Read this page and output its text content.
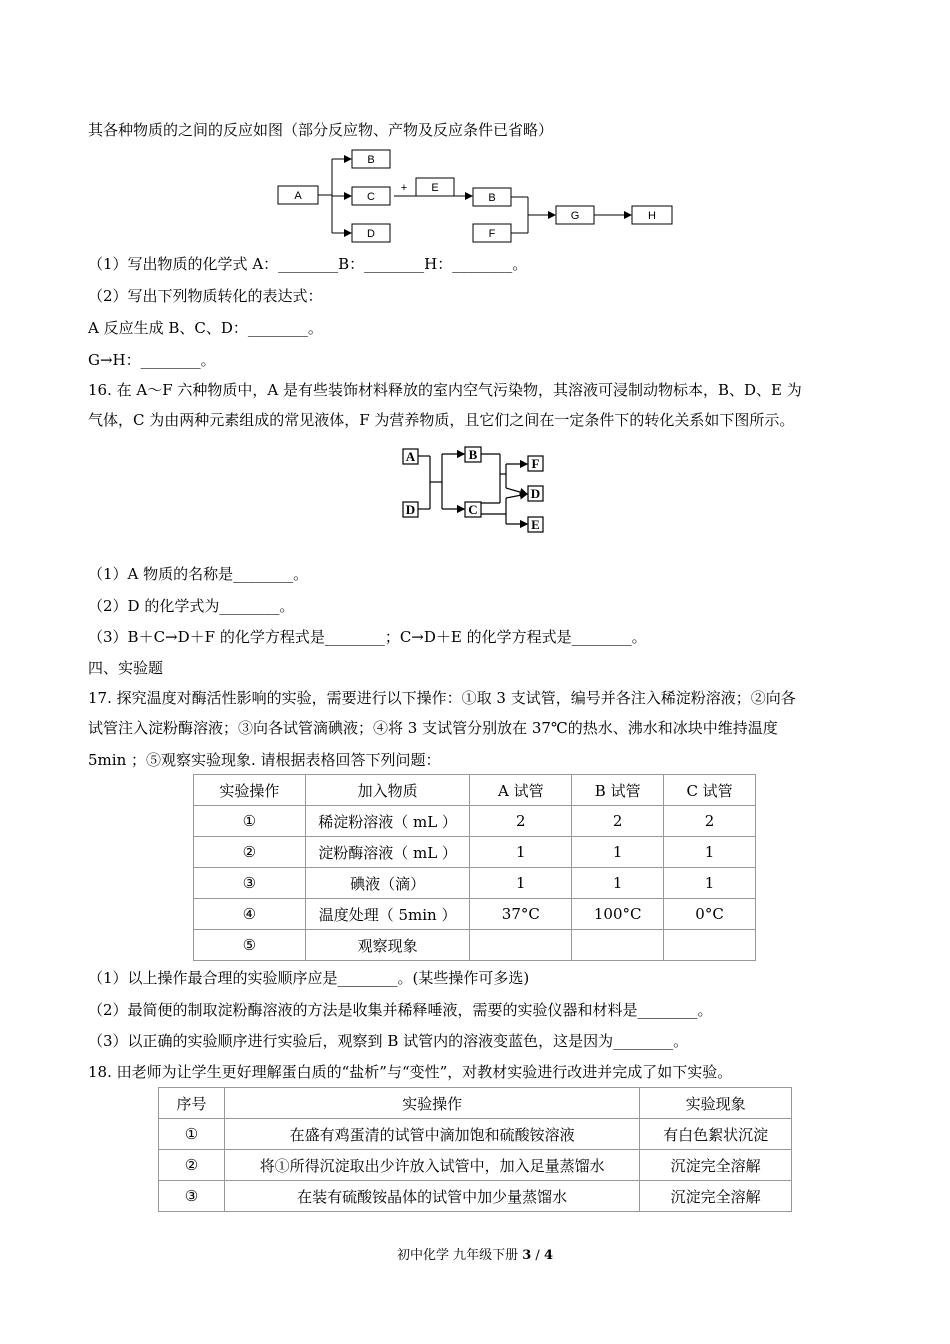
其各种物质的之间的反应如图（部分反应物、产物及反应条件已省略）
A
B
C
D
E
B
F
G	H
+
（1）写出物质的化学式 A：________B：________H：________。
（2）写出下列物质转化的表达式：
A 反应生成 B、C、D：________。
G→H：________。
16. 在 A～F 六种物质中，A 是有些装饰材料释放的室内空气污染物，其溶液可浸制动物标本，B、D、E 为
气体，C 为由两种元素组成的常见液体，F 为营养物质，且它们之间在一定条件下的转化关系如下图所示。
A
D
B
C
F
D
E
（1）A 物质的名称是________。
（2）D 的化学式为________。
（3）B＋C→D＋F 的化学方程式是________；C→D＋E 的化学方程式是________。
四、实验题
17. 探究温度对酶活性影响的实验，需要进行以下操作：①取 3 支试管，编号并各注入稀淀粉溶液；②向各
试管注入淀粉酶溶液；③向各试管滴碘液；④将 3 支试管分别放在 37℃的热水、沸水和冰块中维持温度
5min ；⑤观察实验现象. 请根据表格回答下列问题：
实验操作	加入物质	A 试管	B 试管	C 试管
①	稀淀粉溶液（ mL ）	2	2	2
②	淀粉酶溶液（ mL ）	1	1	1
③	碘液（滴）	1	1	1
④	温度处理（ 5min ）	37°C	100°C	0°C
⑤	观察现象			
（1）以上操作最合理的实验顺序应是________。(某些操作可多选)
（2）最简便的制取淀粉酶溶液的方法是收集并稀释唾液，需要的实验仪器和材料是________。
（3）以正确的实验顺序进行实验后，观察到 B 试管内的溶液变蓝色，这是因为________。
18. 田老师为让学生更好理解蛋白质的“盐析”与“变性”，对教材实验进行改进并完成了如下实验。
序号	实验操作	实验现象
①	在盛有鸡蛋清的试管中滴加饱和硫酸铵溶液	有白色絮状沉淀
②	将①所得沉淀取出少许放入试管中，加入足量蒸馏水	沉淀完全溶解
③	在装有硫酸铵晶体的试管中加少量蒸馏水	沉淀完全溶解
初中化学 九年级下册 3 / 4
